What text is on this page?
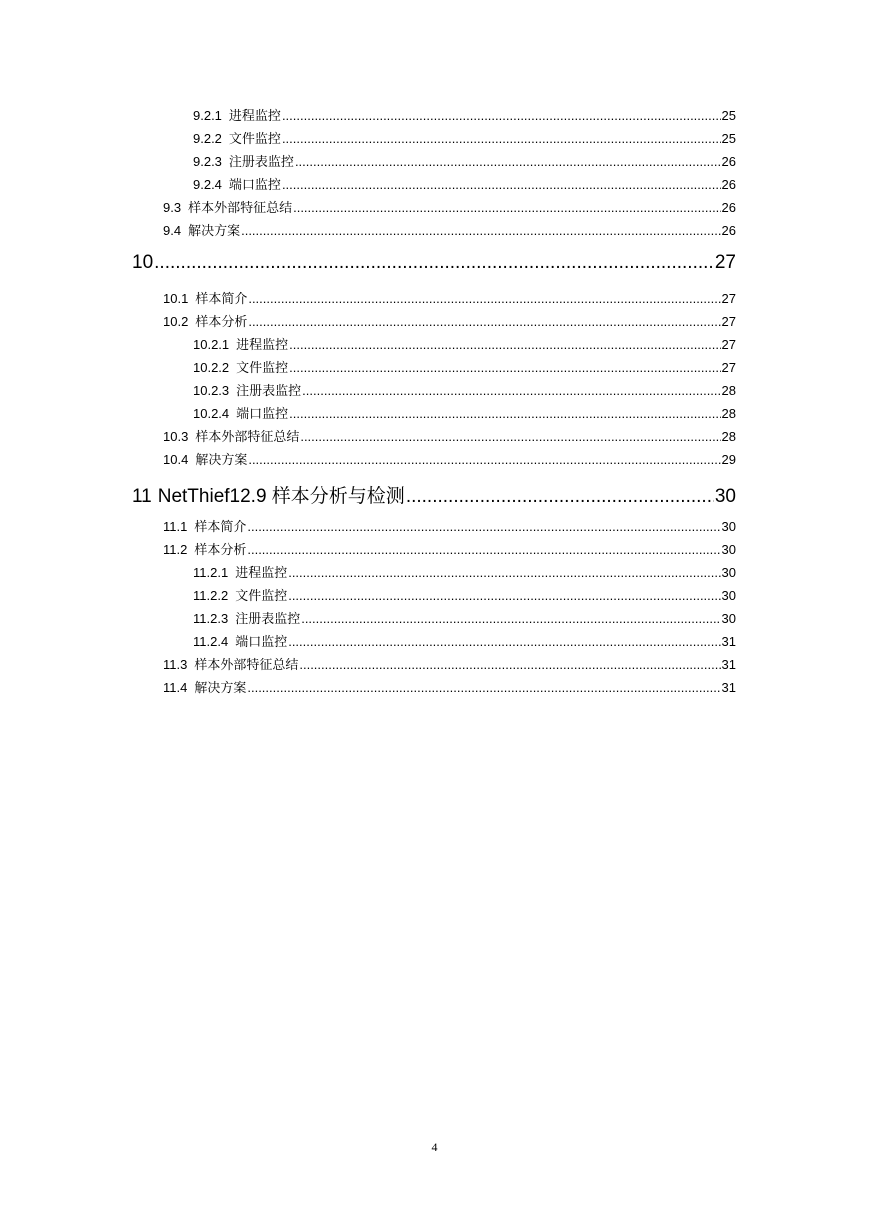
9.2.1 进程监控 .....	25
9.2.2 文件监控 .....	25
9.2.3 注册表监控 .....	26
9.2.4 端口监控 .....	26
9.3 样本外部特征总结 .....	26
9.4 解决方案 .....	26
10 .....	27
10.1 样本简介 .....	27
10.2 样本分析 .....	27
10.2.1 进程监控 .....	27
10.2.2 文件监控 .....	27
10.2.3 注册表监控 .....	28
10.2.4 端口监控 .....	28
10.3 样本外部特征总结 .....	28
10.4 解决方案 .....	29
11 NetThief12.9 样本分析与检测 .....	30
11.1 样本简介 .....	30
11.2 样本分析 .....	30
11.2.1 进程监控 .....	30
11.2.2 文件监控 .....	30
11.2.3 注册表监控 .....	30
11.2.4 端口监控 .....	31
11.3 样本外部特征总结 .....	31
11.4 解决方案 .....	31
4
